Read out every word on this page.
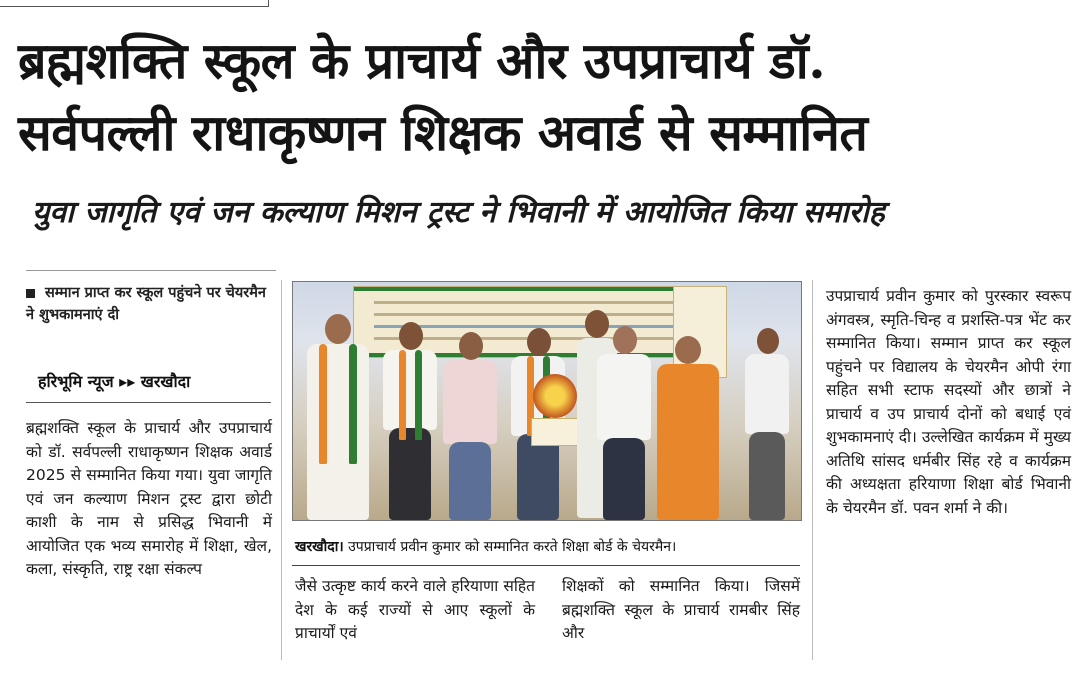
ब्रह्मशक्ति स्कूल के प्राचार्य और उपप्राचार्य डॉ.
सर्वपल्ली राधाकृष्णन शिक्षक अवार्ड से सम्मानित
युवा जागृति एवं जन कल्याण मिशन ट्रस्ट ने भिवानी में आयोजित किया समारोह
सम्मान प्राप्त कर स्कूल पहुंचने पर चेयरमैन ने शुभकामनाएं दी
हरिभूमि न्यूज ▸▸ खरखौदा

ब्रह्मशक्ति स्कूल के प्राचार्य और उपप्राचार्य को डॉ. सर्वपल्ली राधाकृष्णन शिक्षक अवार्ड 2025 से सम्मानित किया गया। युवा जागृति एवं जन कल्याण मिशन ट्रस्ट द्वारा छोटी काशी के नाम से प्रसिद्ध भिवानी में आयोजित एक भव्य समारोह में शिक्षा, खेल, कला, संस्कृति, राष्ट्र रक्षा संकल्प

खरखौदा। उपप्राचार्य प्रवीन कुमार को सम्मानित करते शिक्षा बोर्ड के चेयरमैन।

जैसे उत्कृष्ट कार्य करने वाले हरियाणा सहित देश के कई राज्यों से आए स्कूलों के प्राचार्यों एवं

शिक्षकों को सम्मानित किया। जिसमें ब्रह्मशक्ति स्कूल के प्राचार्य रामबीर सिंह और

उपप्राचार्य प्रवीन कुमार को पुरस्कार स्वरूप अंगवस्त्र, स्मृति-चिन्ह व प्रशस्ति-पत्र भेंट कर सम्मानित किया। सम्मान प्राप्त कर स्कूल पहुंचने पर विद्यालय के चेयरमैन ओपी रंगा सहित सभी स्टाफ सदस्यों और छात्रों ने प्राचार्य व उप प्राचार्य दोनों को बधाई एवं शुभकामनाएं दी। उल्लेखित कार्यक्रम में मुख्य अतिथि सांसद धर्मबीर सिंह रहे व कार्यक्रम की अध्यक्षता हरियाणा शिक्षा बोर्ड भिवानी के चेयरमैन डॉ. पवन शर्मा ने की।
